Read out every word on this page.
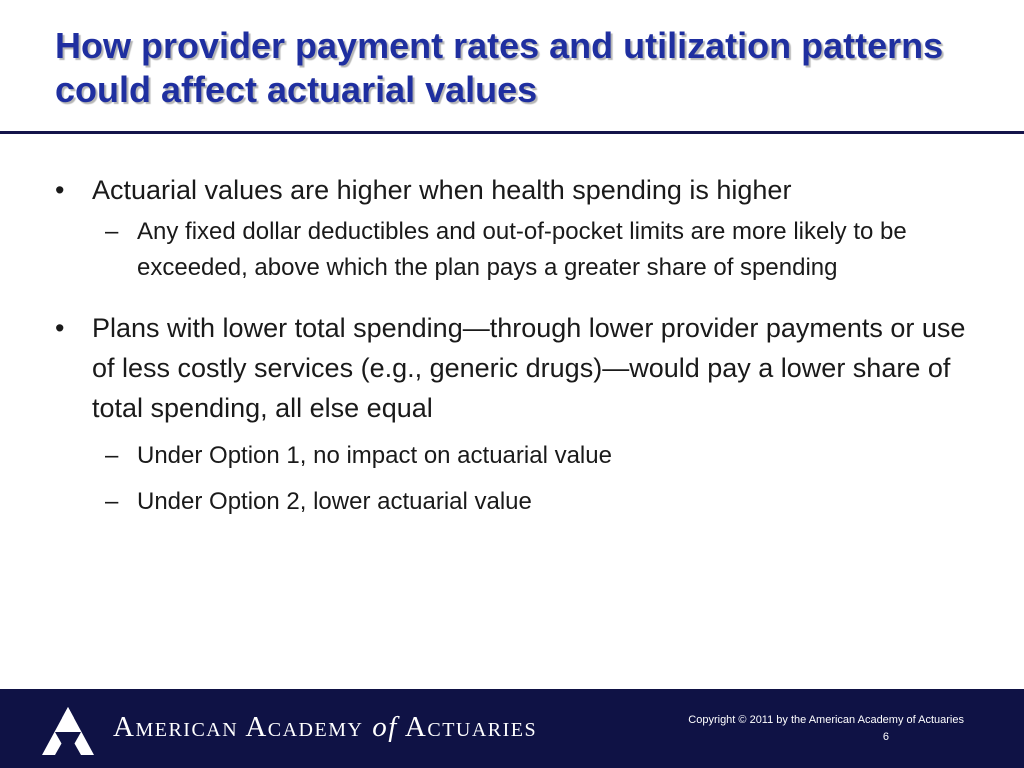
How provider payment rates and utilization patterns could affect actuarial values
• Actuarial values are higher when health spending is higher
– Any fixed dollar deductibles and out-of-pocket limits are more likely to be exceeded, above which the plan pays a greater share of spending
• Plans with lower total spending—through lower provider payments or use of less costly services (e.g., generic drugs)—would pay a lower share of total spending, all else equal
– Under Option 1, no impact on actuarial value
– Under Option 2, lower actuarial value
American Academy of Actuaries	Copyright © 2011 by the American Academy of Actuaries
6
